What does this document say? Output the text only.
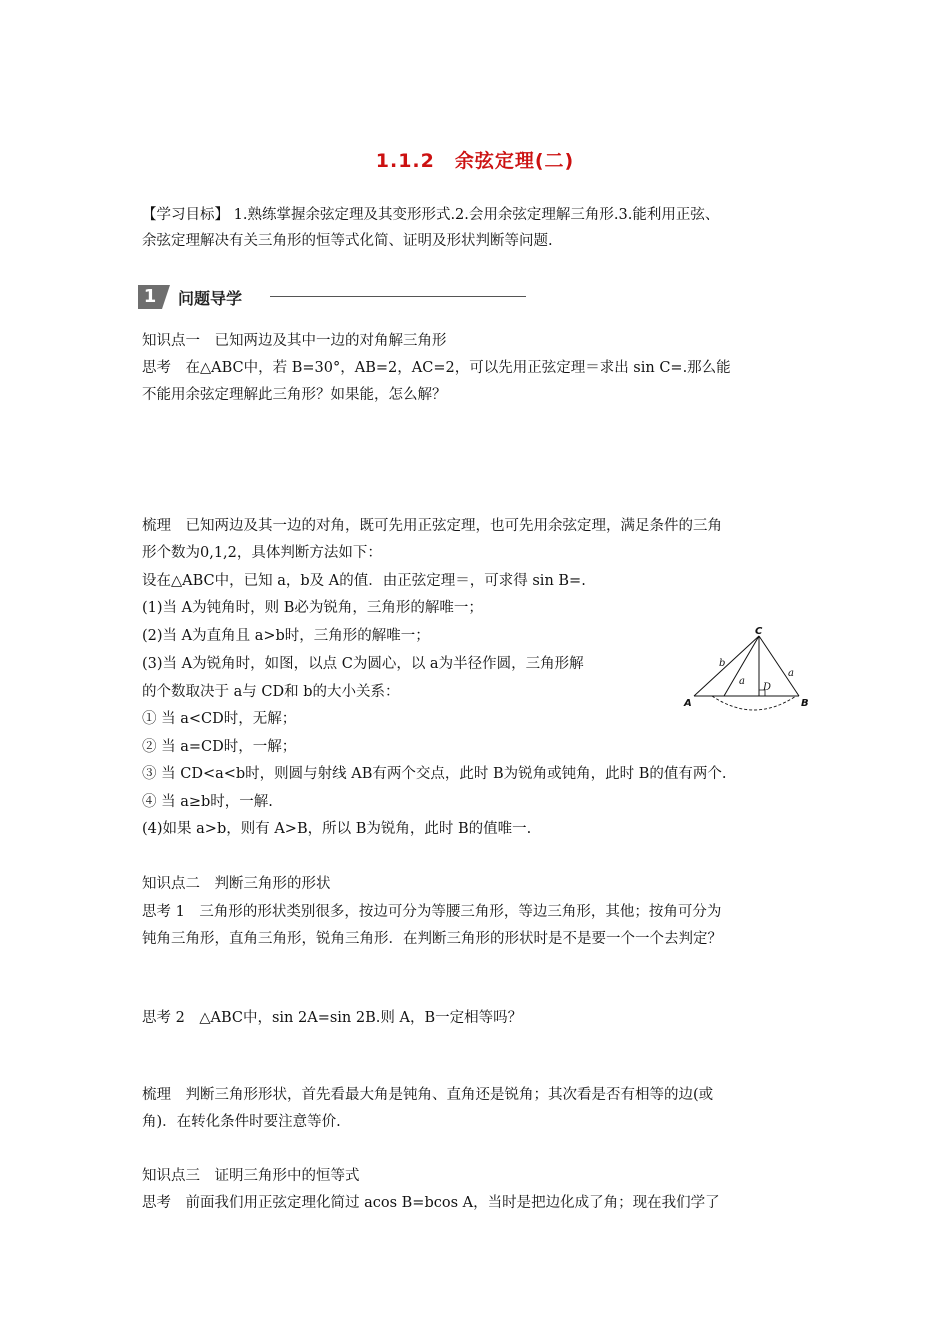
1.1.2　余弦定理(二)
【学习目标】 1.熟练掌握余弦定理及其变形形式.2.会用余弦定理解三角形.3.能利用正弦、
余弦定理解决有关三角形的恒等式化简、证明及形状判断等问题.
1	问题导学
知识点一　已知两边及其中一边的对角解三角形
思考　在△ABC中，若 B=30°，AB=2，AC=2，可以先用正弦定理＝求出 sin C=.那么能
不能用余弦定理解此三角形？如果能，怎么解？
梳理　已知两边及其一边的对角，既可先用正弦定理，也可先用余弦定理，满足条件的三角
形个数为0,1,2，具体判断方法如下：
设在△ABC中，已知 a，b及 A的值．由正弦定理＝，可求得 sin B=.
(1)当 A为钝角时，则 B必为锐角，三角形的解唯一；
(2)当 A为直角且 a>b时，三角形的解唯一；
(3)当 A为锐角时，如图，以点 C为圆心，以 a为半径作圆，三角形解
的个数取决于 a与 CD和 b的大小关系：
① 当 a<CD时，无解；
② 当 a=CD时，一解；
③ 当 CD<a<b时，则圆与射线 AB有两个交点，此时 B为锐角或钝角，此时 B的值有两个.
④ 当 a≥b时，一解.
(4)如果 a>b，则有 A>B，所以 B为锐角，此时 B的值唯一.
C
A	B
D
b
a
a
知识点二　判断三角形的形状
思考 1　三角形的形状类别很多，按边可分为等腰三角形，等边三角形，其他；按角可分为
钝角三角形，直角三角形，锐角三角形．在判断三角形的形状时是不是要一个一个去判定？
思考 2　△ABC中，sin 2A=sin 2B.则 A，B一定相等吗？
梳理　判断三角形形状，首先看最大角是钝角、直角还是锐角；其次看是否有相等的边(或
角)．在转化条件时要注意等价.
知识点三　证明三角形中的恒等式
思考　前面我们用正弦定理化简过 acos B=bcos A，当时是把边化成了角；现在我们学了
